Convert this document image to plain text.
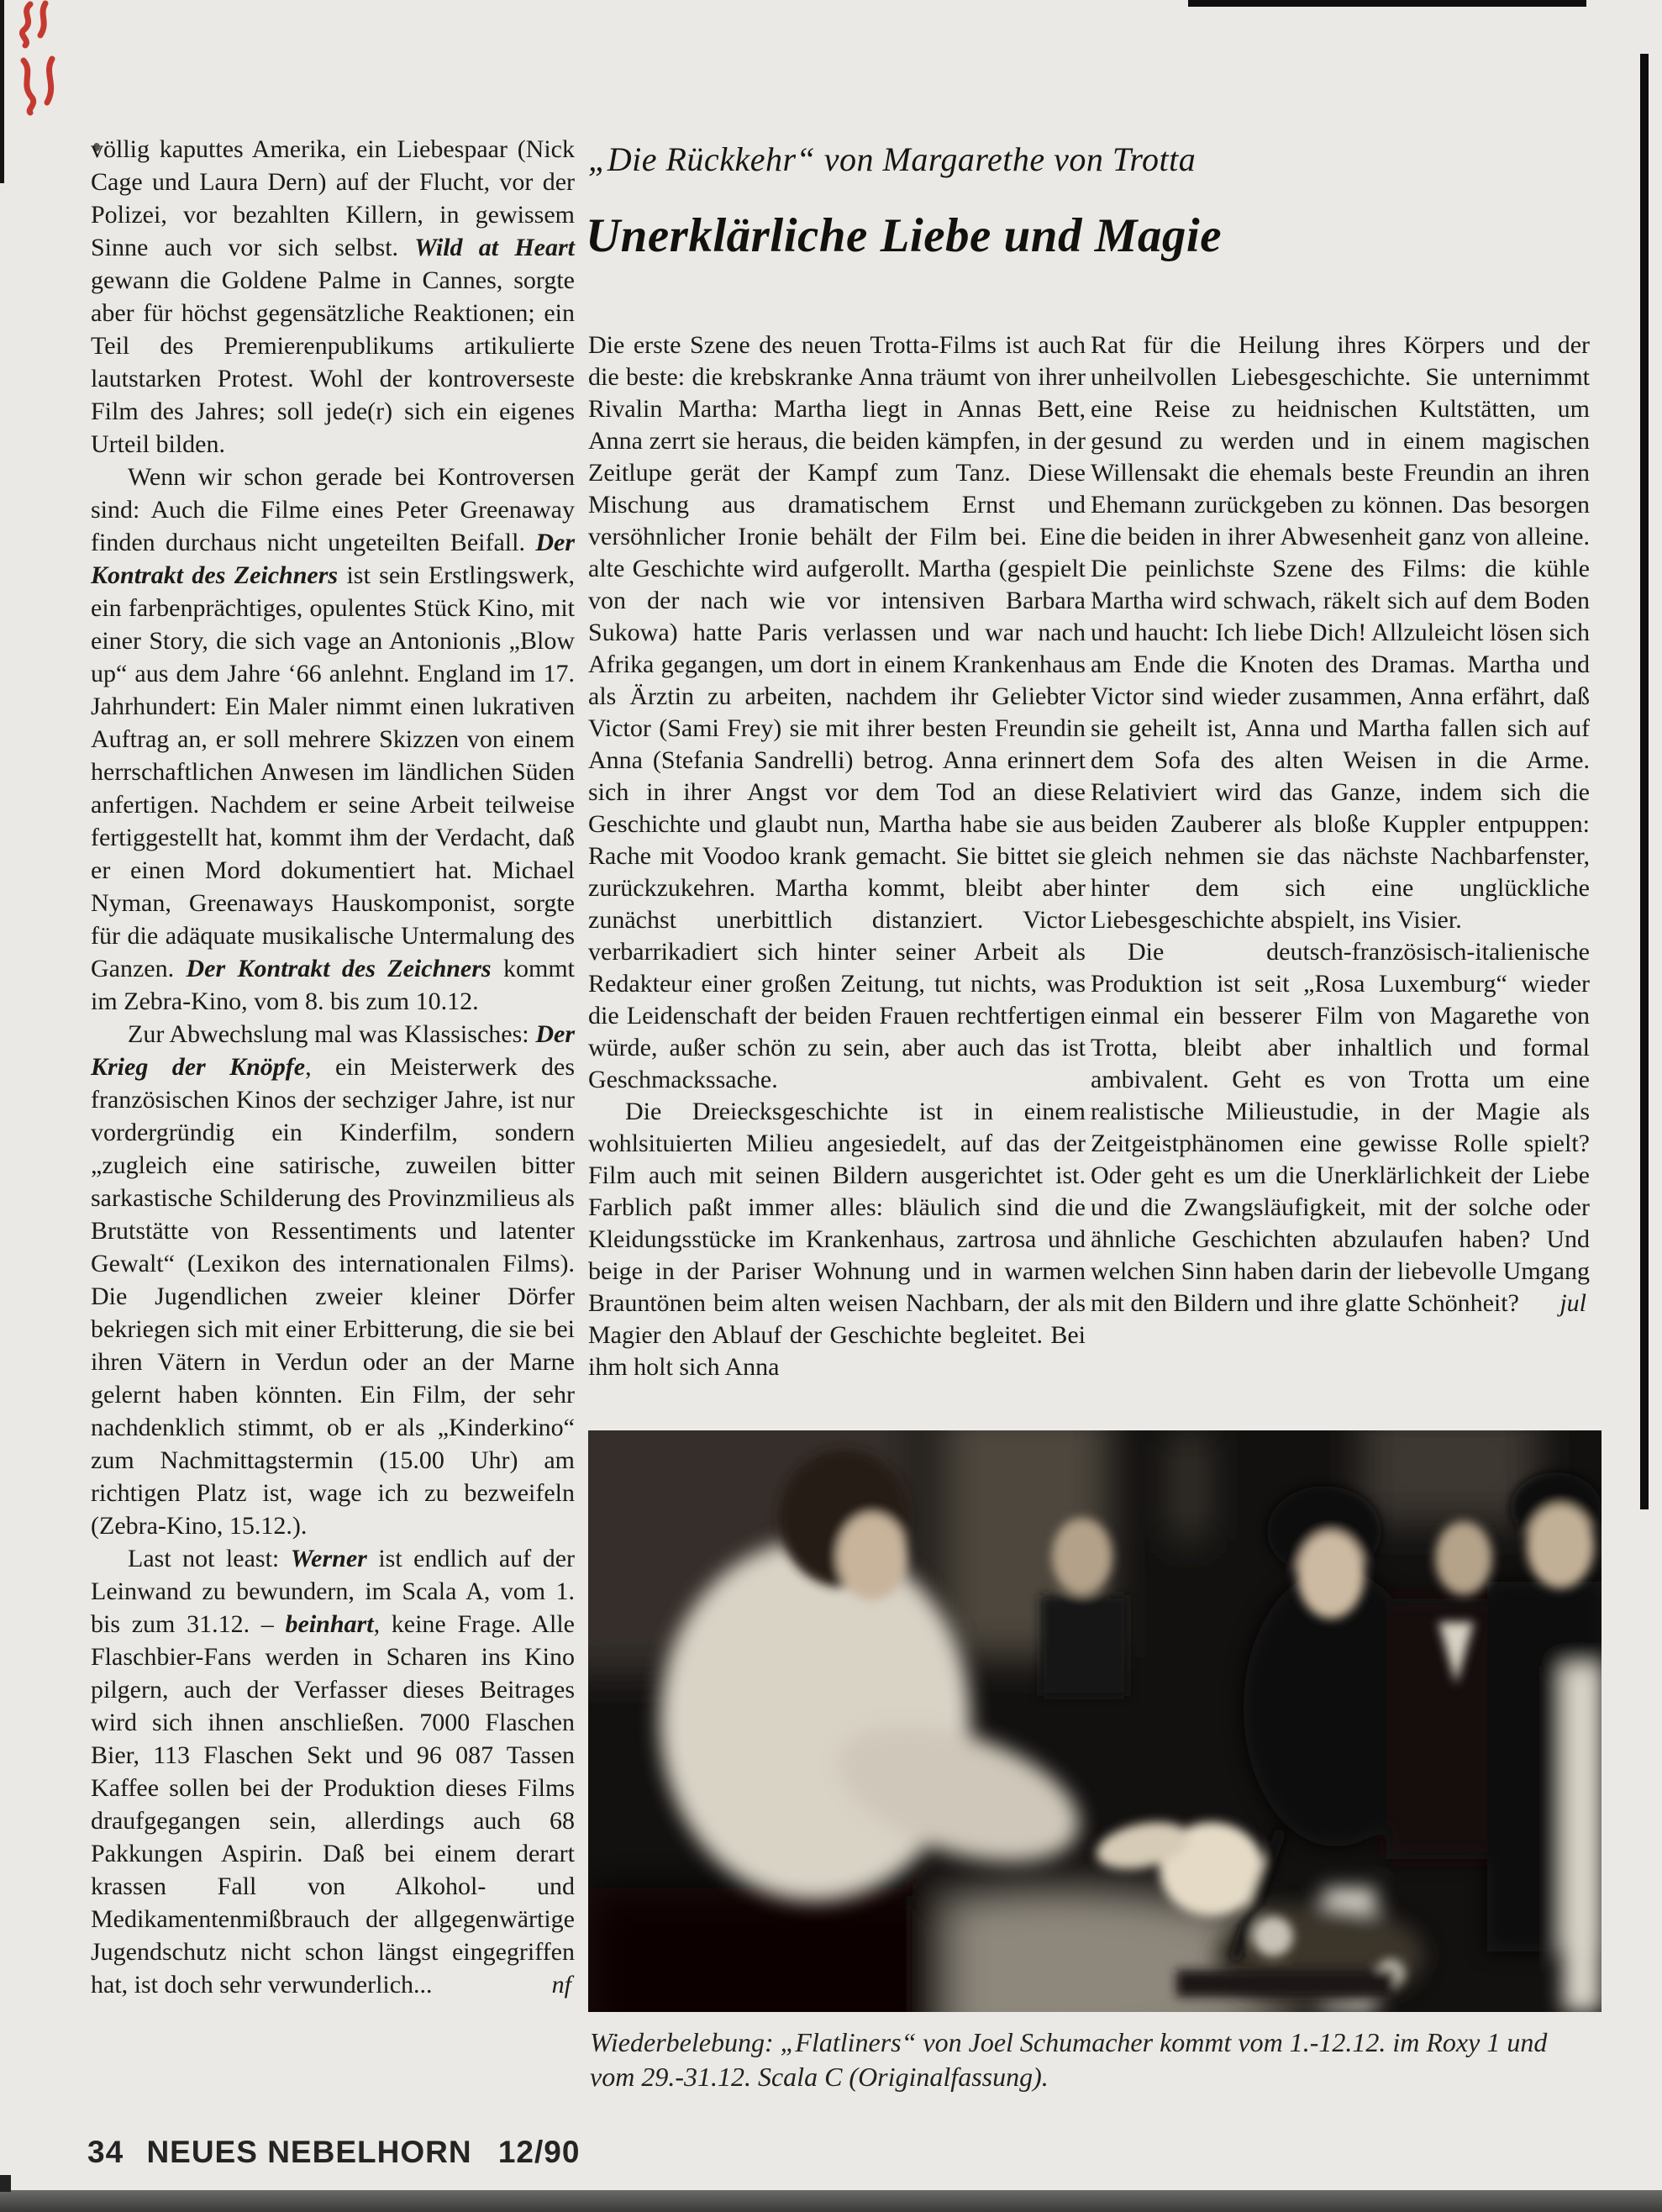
„Die Rückkehr“ von Margarethe von Trotta
Unerklärliche Liebe und Magie

völlig kaputtes Amerika, ein Liebespaar (Nick Cage und Laura Dern) auf der Flucht, vor der Polizei, vor bezahlten Killern, in gewissem Sinne auch vor sich selbst. Wild at Heart gewann die Goldene Palme in Cannes, sorgte aber für höchst gegensätzliche Reaktionen; ein Teil des Premierenpublikums artikulierte lautstarken Protest. Wohl der kontroverseste Film des Jahres; soll jede(r) sich ein eigenes Urteil bilden.

Wenn wir schon gerade bei Kontroversen sind: Auch die Filme eines Peter Greenaway finden durchaus nicht ungeteilten Beifall. Der Kontrakt des Zeichners ist sein Erstlingswerk, ein farbenprächtiges, opulentes Stück Kino, mit einer Story, die sich vage an Antonionis „Blow up“ aus dem Jahre ‘66 anlehnt. England im 17. Jahrhundert: Ein Maler nimmt einen lukrativen Auftrag an, er soll mehrere Skizzen von einem herrschaftlichen Anwesen im ländlichen Süden anfertigen. Nachdem er seine Arbeit teilweise fertiggestellt hat, kommt ihm der Verdacht, daß er einen Mord dokumentiert hat. Michael Nyman, Greenaways Hauskomponist, sorgte für die adäquate musikalische Untermalung des Ganzen. Der Kontrakt des Zeichners kommt im Zebra-Kino, vom 8. bis zum 10.12.

Zur Abwechslung mal was Klassisches: Der Krieg der Knöpfe, ein Meisterwerk des französischen Kinos der sechziger Jahre, ist nur vordergründig ein Kinderfilm, sondern „zugleich eine satirische, zuweilen bitter sarkastische Schilderung des Provinzmilieus als Brutstätte von Ressentiments und latenter Gewalt“ (Lexikon des internationalen Films). Die Jugendlichen zweier kleiner Dörfer bekriegen sich mit einer Erbitterung, die sie bei ihren Vätern in Verdun oder an der Marne gelernt haben könnten. Ein Film, der sehr nachdenklich stimmt, ob er als „Kinderkino“ zum Nachmittagstermin (15.00 Uhr) am richtigen Platz ist, wage ich zu bezweifeln (Zebra-Kino, 15.12.).

Last not least: Werner ist endlich auf der Leinwand zu bewundern, im Scala A, vom 1. bis zum 31.12. – beinhart, keine Frage. Alle Flaschbier-Fans werden in Scharen ins Kino pilgern, auch der Verfasser dieses Beitrages wird sich ihnen anschließen. 7000 Flaschen Bier, 113 Flaschen Sekt und 96 087 Tassen Kaffee sollen bei der Produktion dieses Films draufgegangen sein, allerdings auch 68 Pakkungen Aspirin. Daß bei einem derart krassen Fall von Alkohol- und Medikamentenmißbrauch der allgegenwärtige Jugendschutz nicht schon längst eingegriffen hat, ist doch sehr verwunderlich...	nf

Die erste Szene des neuen Trotta-Films ist auch die beste: die krebskranke Anna träumt von ihrer Rivalin Martha: Martha liegt in Annas Bett, Anna zerrt sie heraus, die beiden kämpfen, in der Zeitlupe gerät der Kampf zum Tanz. Diese Mischung aus dramatischem Ernst und versöhnlicher Ironie behält der Film bei. Eine alte Geschichte wird aufgerollt. Martha (gespielt von der nach wie vor intensiven Barbara Sukowa) hatte Paris verlassen und war nach Afrika gegangen, um dort in einem Krankenhaus als Ärztin zu arbeiten, nachdem ihr Geliebter Victor (Sami Frey) sie mit ihrer besten Freundin Anna (Stefania Sandrelli) betrog. Anna erinnert sich in ihrer Angst vor dem Tod an diese Geschichte und glaubt nun, Martha habe sie aus Rache mit Voodoo krank gemacht. Sie bittet sie zurückzukehren. Martha kommt, bleibt aber zunächst unerbittlich distanziert. Victor verbarrikadiert sich hinter seiner Arbeit als Redakteur einer großen Zeitung, tut nichts, was die Leidenschaft der beiden Frauen rechtfertigen würde, außer schön zu sein, aber auch das ist Geschmackssache.

Die Dreiecksgeschichte ist in einem wohlsituierten Milieu angesiedelt, auf das der Film auch mit seinen Bildern ausgerichtet ist. Farblich paßt immer alles: bläulich sind die Kleidungsstücke im Krankenhaus, zartrosa und beige in der Pariser Wohnung und in warmen Brauntönen beim alten weisen Nachbarn, der als Magier den Ablauf der Geschichte begleitet. Bei ihm holt sich Anna

Rat für die Heilung ihres Körpers und der unheilvollen Liebesgeschichte. Sie unternimmt eine Reise zu heidnischen Kultstätten, um gesund zu werden und in einem magischen Willensakt die ehemals beste Freundin an ihren Ehemann zurückgeben zu können. Das besorgen die beiden in ihrer Abwesenheit ganz von alleine. Die peinlichste Szene des Films: die kühle Martha wird schwach, räkelt sich auf dem Boden und haucht: Ich liebe Dich! Allzuleicht lösen sich am Ende die Knoten des Dramas. Martha und Victor sind wieder zusammen, Anna erfährt, daß sie geheilt ist, Anna und Martha fallen sich auf dem Sofa des alten Weisen in die Arme. Relativiert wird das Ganze, indem sich die beiden Zauberer als bloße Kuppler entpuppen: gleich nehmen sie das nächste Nachbarfenster, hinter dem sich eine unglückliche Liebesgeschichte abspielt, ins Visier.

Die deutsch-französisch-italienische Produktion ist seit „Rosa Luxemburg“ wieder einmal ein besserer Film von Magarethe von Trotta, bleibt aber inhaltlich und formal ambivalent. Geht es von Trotta um eine realistische Milieustudie, in der Magie als Zeitgeistphänomen eine gewisse Rolle spielt? Oder geht es um die Unerklärlichkeit der Liebe und die Zwangsläufigkeit, mit der solche oder ähnliche Geschichten abzulaufen haben? Und welchen Sinn haben darin der liebevolle Umgang mit den Bildern und ihre glatte Schönheit?	jul

Wiederbelebung: „Flatliners“ von Joel Schumacher kommt vom 1.-12.12. im Roxy 1 und vom 29.-31.12. Scala C (Originalfassung).
34 NEUES NEBELHORN 12/90
